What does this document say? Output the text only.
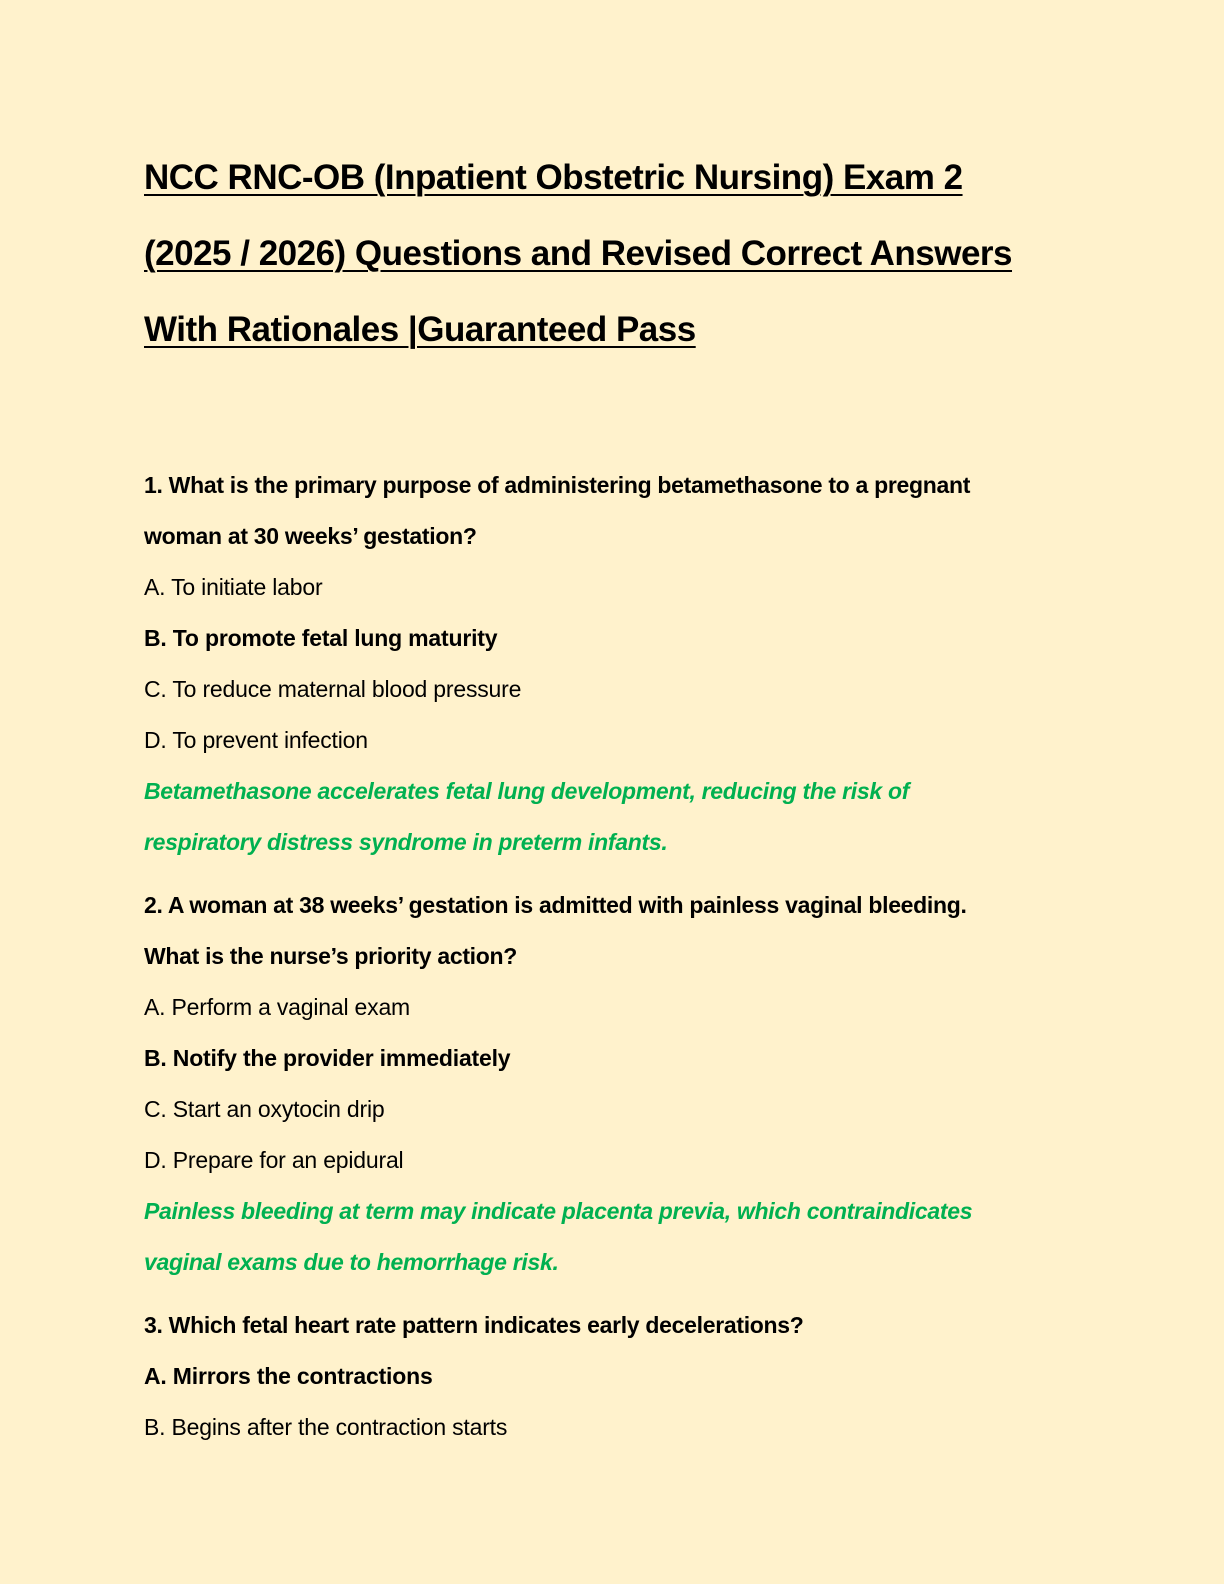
NCC RNC-OB (Inpatient Obstetric Nursing) Exam 2
(2025 / 2026) Questions and Revised Correct Answers
With Rationales |Guaranteed Pass

1. What is the primary purpose of administering betamethasone to a pregnant
woman at 30 weeks’ gestation?

A. To initiate labor

B. To promote fetal lung maturity

C. To reduce maternal blood pressure

D. To prevent infection

Betamethasone accelerates fetal lung development, reducing the risk of
respiratory distress syndrome in preterm infants.

2. A woman at 38 weeks’ gestation is admitted with painless vaginal bleeding.
What is the nurse’s priority action?

A. Perform a vaginal exam

B. Notify the provider immediately

C. Start an oxytocin drip

D. Prepare for an epidural

Painless bleeding at term may indicate placenta previa, which contraindicates
vaginal exams due to hemorrhage risk.

3. Which fetal heart rate pattern indicates early decelerations?

A. Mirrors the contractions

B. Begins after the contraction starts
